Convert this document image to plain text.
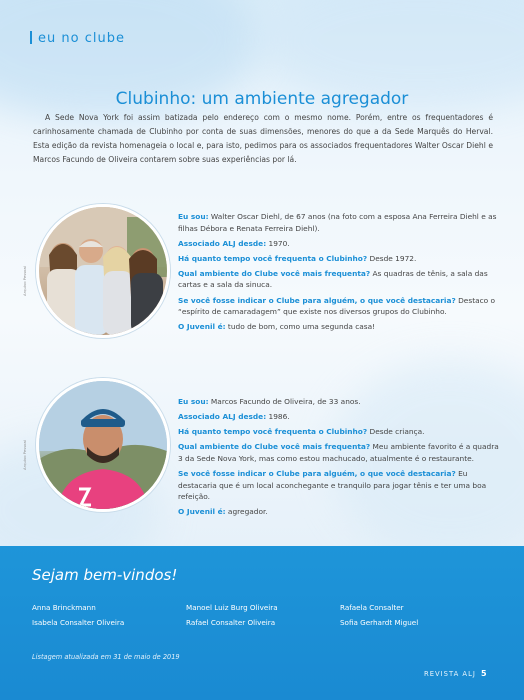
eu no clube
Clubinho: um ambiente agregador
A Sede Nova York foi assim batizada pelo endereço com o mesmo nome. Porém, entre os frequentadores é carinhosamente chamada de Clubinho por conta de suas dimensões, menores do que a da Sede Marquês do Herval. Esta edição da revista homenageia o local e, para isto, pedimos para os associados frequentadores Walter Oscar Diehl e Marcos Facundo de Oliveira contarem sobre suas experiências por lá.
Arquivo Pessoal

Eu sou: Walter Oscar Diehl, de 67 anos (na foto com a esposa Ana Ferreira Diehl e as filhas Débora e Renata Ferreira Diehl).

Associado ALJ desde: 1970.

Há quanto tempo você frequenta o Clubinho? Desde 1972.

Qual ambiente do Clube você mais frequenta? As quadras de tênis, a sala das cartas e a sala da sinuca.

Se você fosse indicar o Clube para alguém, o que você destacaria? Destaco o “espírito de camaradagem” que existe nos diversos grupos do Clubinho.

O Juvenil é: tudo de bom, como uma segunda casa!

Arquivo Pessoal

Eu sou: Marcos Facundo de Oliveira, de 33 anos.

Associado ALJ desde: 1986.

Há quanto tempo você frequenta o Clubinho? Desde criança.

Qual ambiente do Clube você mais frequenta? Meu ambiente favorito é a quadra 3 da Sede Nova York, mas como estou machucado, atualmente é o restaurante.

Se você fosse indicar o Clube para alguém, o que você destacaria? Eu destacaria que é um local aconchegante e tranquilo para jogar tênis e ter uma boa refeição.

O Juvenil é: agregador.

Sejam bem-vindos!
Anna Brinckmann
Isabela Consalter Oliveira
Manoel Luiz Burg Oliveira
Rafael Consalter Oliveira
Rafaela Consalter
Sofia Gerhardt Miguel
Listagem atualizada em 31 de maio de 2019
REVISTA ALJ 5
